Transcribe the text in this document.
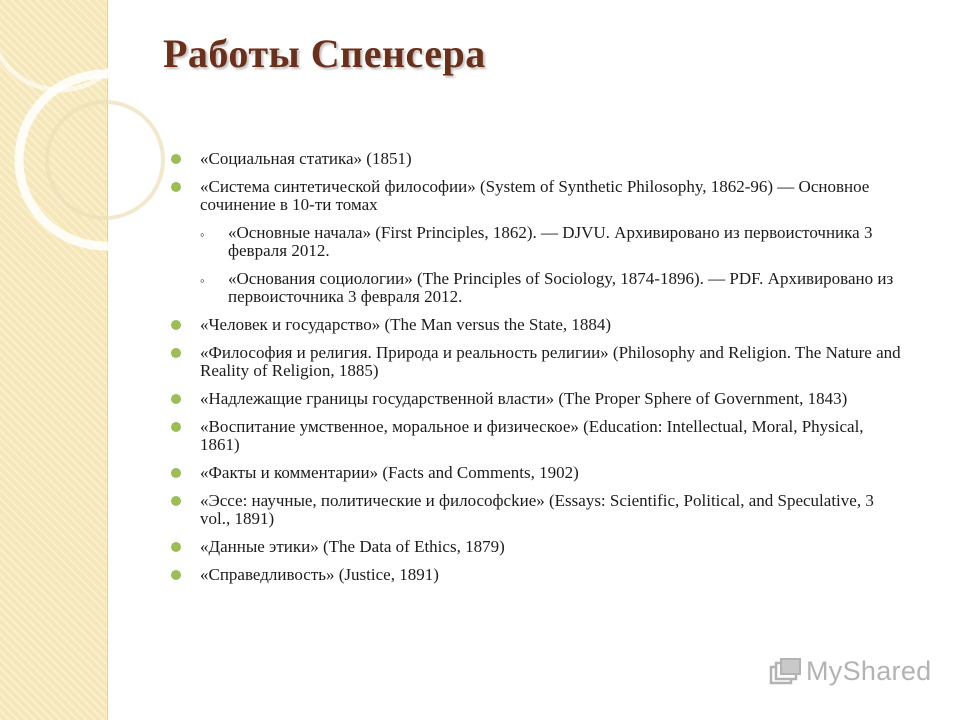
Работы Спенсера
«Социальная статика» (1851)
«Система синтетической философии» (System of Synthetic Philosophy, 1862-96) — Основное сочинение в 10-ти томах
◦ «Основные начала» (First Principles, 1862). — DJVU. Архивировано из первоисточника 3 февраля 2012.
◦ «Основания социологии» (The Principles of Sociology, 1874-1896). — PDF. Архивировано из первоисточника 3 февраля 2012.
«Человек и государство» (The Man versus the State, 1884)
«Философия и религия. Природа и реальность религии» (Philosophy and Religion. The Nature and Reality of Religion, 1885)
«Надлежащие границы государственной власти» (The Proper Sphere of Government, 1843)
«Воспитание умственное, моральное и физическое» (Education: Intellectual, Moral, Physical, 1861)
«Факты и комментарии» (Facts and Comments, 1902)
«Эссе: научные, политические и философсkие» (Essays: Scientific, Political, and Speculative, 3 vol., 1891)
«Данные этики» (The Data of Ethics, 1879)
«Справедливость» (Justice, 1891)
MyShared
